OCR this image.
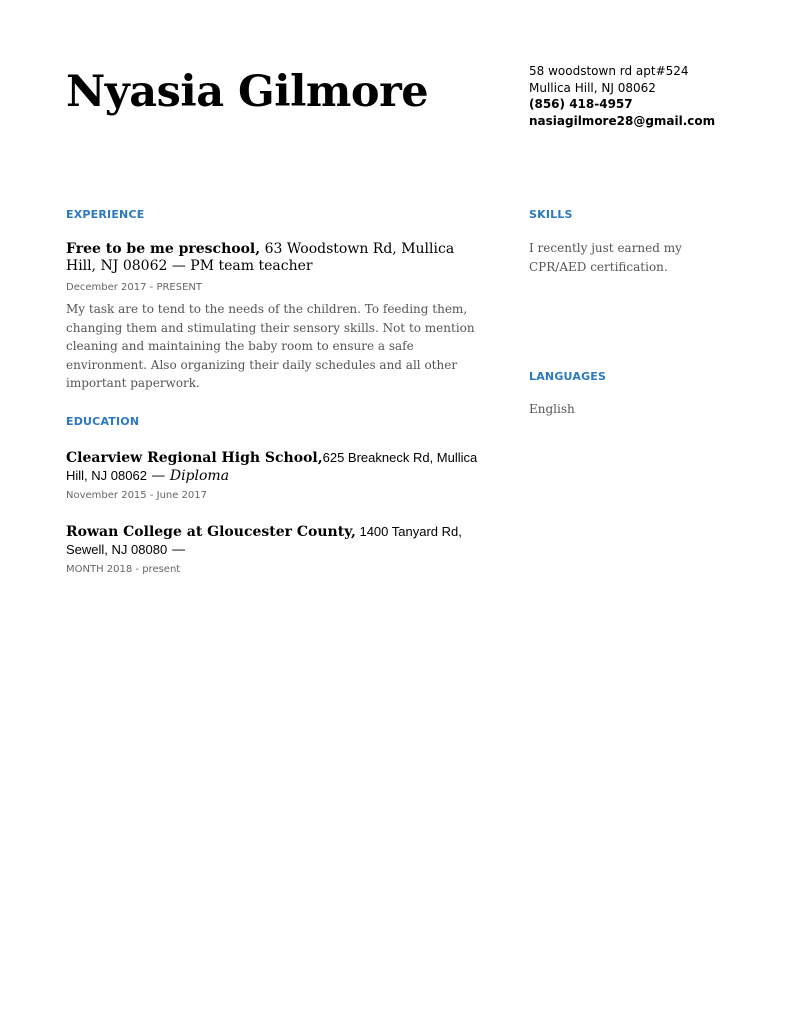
Nyasia Gilmore	58 woodstown rd apt#524
Mullica Hill, NJ 08062
(856) 418-4957
nasiagilmore28@gmail.com
EXPERIENCE
Free to be me preschool, 63 Woodstown Rd, Mullica Hill, NJ 08062 — PM team teacher
December 2017 - PRESENT
My task are to tend to the needs of the children. To feeding them, changing them and stimulating their sensory skills. Not to mention cleaning and maintaining the baby room to ensure a safe environment. Also organizing their daily schedules and all other important paperwork.
EDUCATION
Clearview Regional High School,625 Breakneck Rd, Mullica Hill, NJ 08062 — Diploma
November 2015 - June 2017
Rowan College at Gloucester County, 1400 Tanyard Rd, Sewell, NJ 08080 —
MONTH 2018 - present
SKILLS
I recently just earned my CPR/AED certification.
LANGUAGES
English
